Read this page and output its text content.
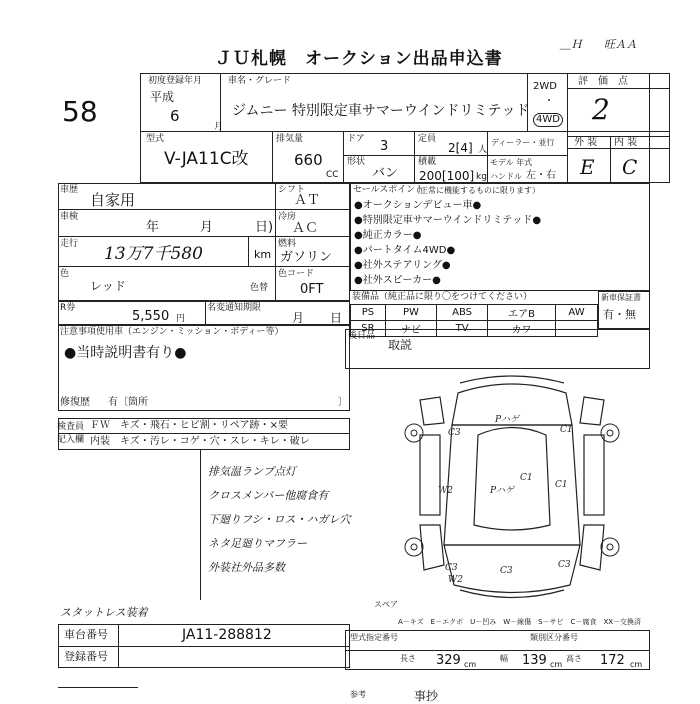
ＪＵ札幌　オークション出品申込書
＿Ｈ　　旺ＡＡ
58
初度登録年月
平成
6
月
車名・グレード
ジムニー 特別限定車サマーウインドリミテッド
2WD
・
4WD
評　価　点
2
外 装 内 装
E C
型式
V-JA11C改
排気量
660
CC
ドア 3	定員
2[4] 人
ディーラー・並行
形状
バン
積載
200[100] kg
モデル 年式
ハンドル 左・右
車歴
自家用
車検
年	月	日)
走行 13万7千580	km
色
レッド	色替
シフト
ＡＴ
冷房
ＡＣ
燃料
ガソリン
色コード
0FT
セールスポイント
（正常に機能するものに限ります）
●オークションデビュー車●
●特別限定車サマーウインドリミテッド●
●純正カラー●
●パートタイム4WD●
●社外ステアリング●
●社外スピーカー●
R券
5,550 円
名変通知期限
月 日
装備品（純正品に限り〇をつけてください）
PS	PW	ABS	エアB	AW
SR	ナビ	TV	カワ	
新車保証書
有・無
注意事項使用車（エンジン・ミッション・ボディー等）
●当時説明書有り●
修復歴 有〔箇所	〕
後日品
取説
検査員
記入欄
ＦＷ　キズ・飛石・ヒビ割・リペア跡・×要
内装　キズ・汚レ・コゲ・穴・スレ・キレ・破レ
排気温ランプ点灯
クロスメンバー他腐食有
下廻りフシ・ロス・ハガレ穴
ネタ足廻りマフラー
外装社外品多数
スタットレス装着
Pハゲ
Pハゲ
C3	C1
C1
C1
W2
C3	C3
C3
W2
スペア
A－キズ　E－エクボ　U－凹み　W－線傷　S－サビ　C－腐食　XX－交換済
車台番号	JA11-288812
登録番号
型式指定番号	類別区分番号
長さ 329 cm
幅 139 cm
高さ 172 cm
参考	事抄
